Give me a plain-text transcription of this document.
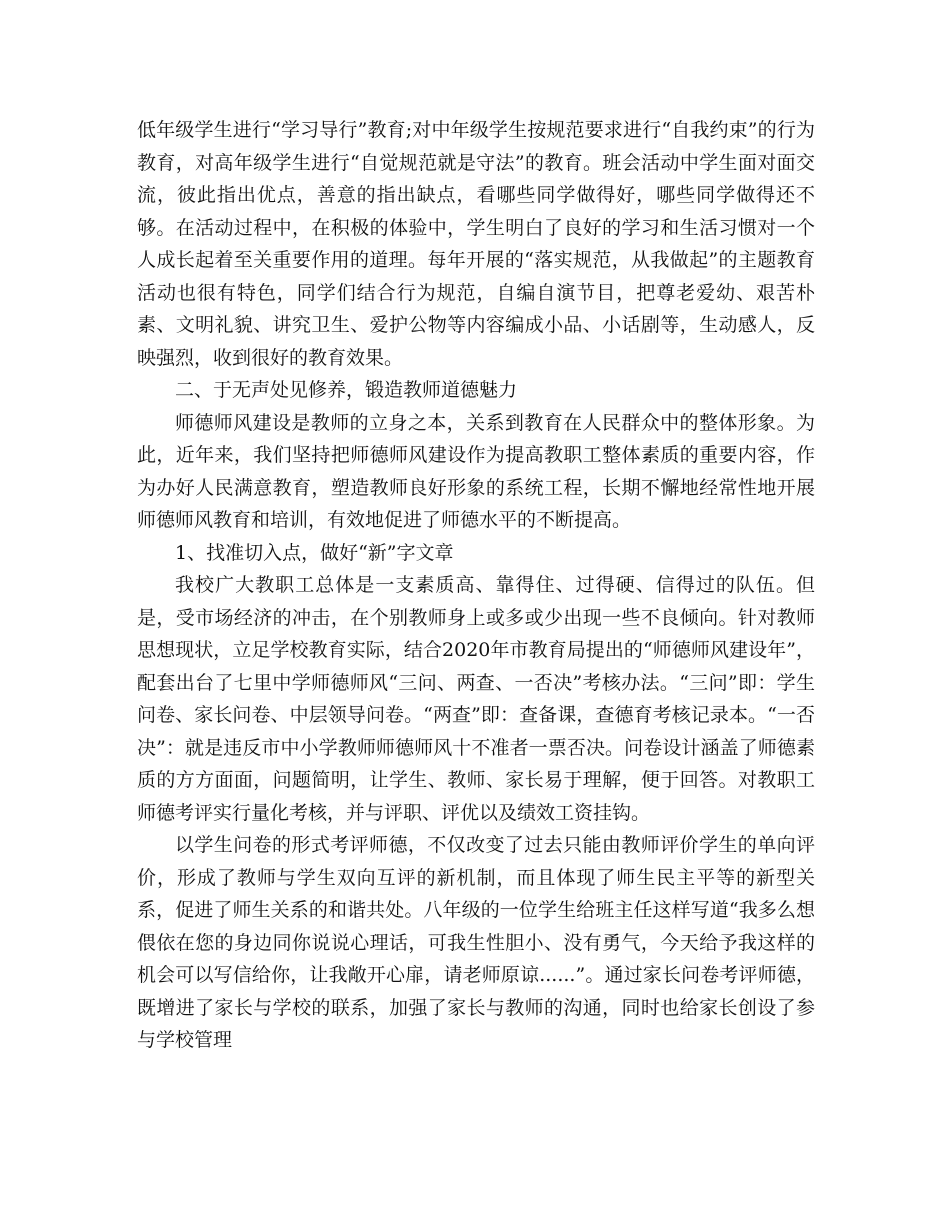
低年级学生进行“学习导行”教育;对中年级学生按规范要求进行“自我约束”的行为教育，对高年级学生进行“自觉规范就是守法”的教育。班会活动中学生面对面交流，彼此指出优点，善意的指出缺点，看哪些同学做得好，哪些同学做得还不够。在活动过程中，在积极的体验中，学生明白了良好的学习和生活习惯对一个人成长起着至关重要作用的道理。每年开展的“落实规范，从我做起”的主题教育活动也很有特色，同学们结合行为规范，自编自演节目，把尊老爱幼、艰苦朴素、文明礼貌、讲究卫生、爱护公物等内容编成小品、小话剧等，生动感人，反映强烈，收到很好的教育效果。

二、于无声处见修养，锻造教师道德魅力

师德师风建设是教师的立身之本，关系到教育在人民群众中的整体形象。为此，近年来，我们坚持把师德师风建设作为提高教职工整体素质的重要内容，作为办好人民满意教育，塑造教师良好形象的系统工程，长期不懈地经常性地开展师德师风教育和培训，有效地促进了师德水平的不断提高。

1、找准切入点，做好“新”字文章

我校广大教职工总体是一支素质高、靠得住、过得硬、信得过的队伍。但是，受市场经济的冲击，在个别教师身上或多或少出现一些不良倾向。针对教师思想现状，立足学校教育实际，结合2020年市教育局提出的“师德师风建设年”，配套出台了七里中学师德师风“三问、两查、一否决”考核办法。“三问”即：学生问卷、家长问卷、中层领导问卷。“两查”即：查备课，查德育考核记录本。“一否决”：就是违反市中小学教师师德师风十不准者一票否决。问卷设计涵盖了师德素质的方方面面，问题简明，让学生、教师、家长易于理解，便于回答。对教职工师德考评实行量化考核，并与评职、评优以及绩效工资挂钩。

以学生问卷的形式考评师德，不仅改变了过去只能由教师评价学生的单向评价，形成了教师与学生双向互评的新机制，而且体现了师生民主平等的新型关系，促进了师生关系的和谐共处。八年级的一位学生给班主任这样写道“我多么想偎依在您的身边同你说说心理话，可我生性胆小、没有勇气，今天给予我这样的机会可以写信给你，让我敞开心扉，请老师原谅......”。通过家长问卷考评师德，既增进了家长与学校的联系，加强了家长与教师的沟通，同时也给家长创设了参与学校管理
